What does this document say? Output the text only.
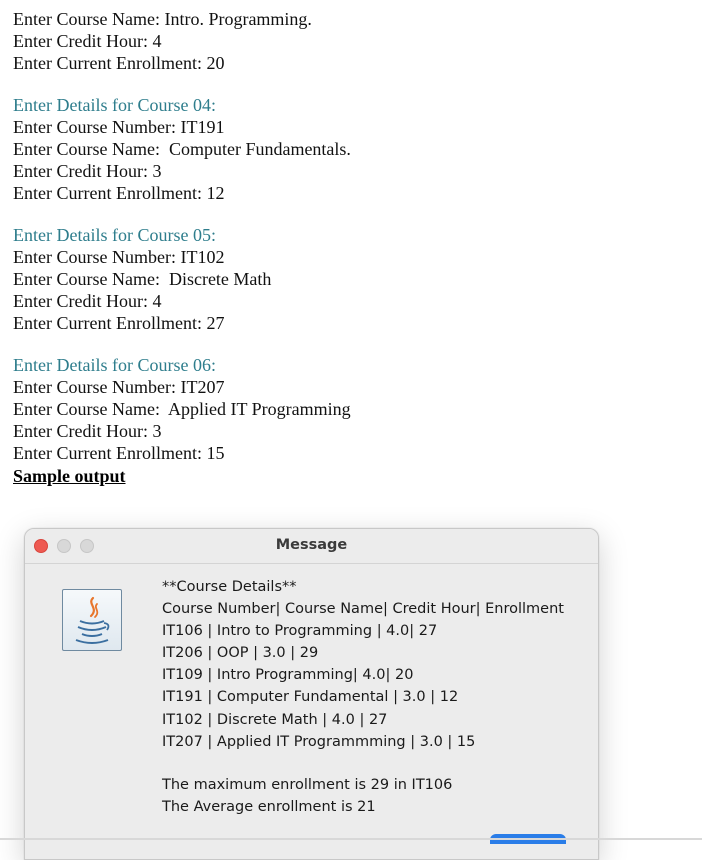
Enter Course Name: Intro. Programming.
Enter Credit Hour: 4
Enter Current Enrollment: 20
Enter Details for Course 04:
Enter Course Number: IT191
Enter Course Name:  Computer Fundamentals.
Enter Credit Hour: 3
Enter Current Enrollment: 12
Enter Details for Course 05:
Enter Course Number: IT102
Enter Course Name:  Discrete Math
Enter Credit Hour: 4
Enter Current Enrollment: 27
Enter Details for Course 06:
Enter Course Number: IT207
Enter Course Name:  Applied IT Programming
Enter Credit Hour: 3
Enter Current Enrollment: 15
Sample output
Message
**Course Details**
Course Number| Course Name| Credit Hour| Enrollment
IT106 | Intro to Programming | 4.0| 27
IT206 | OOP | 3.0 | 29
IT109 | Intro Programming| 4.0| 20
IT191 | Computer Fundamental | 3.0 | 12
IT102 | Discrete Math | 4.0 | 27
IT207 | Applied IT Programmming | 3.0 | 15
The maximum enrollment is 29 in IT106
The Average enrollment is 21
